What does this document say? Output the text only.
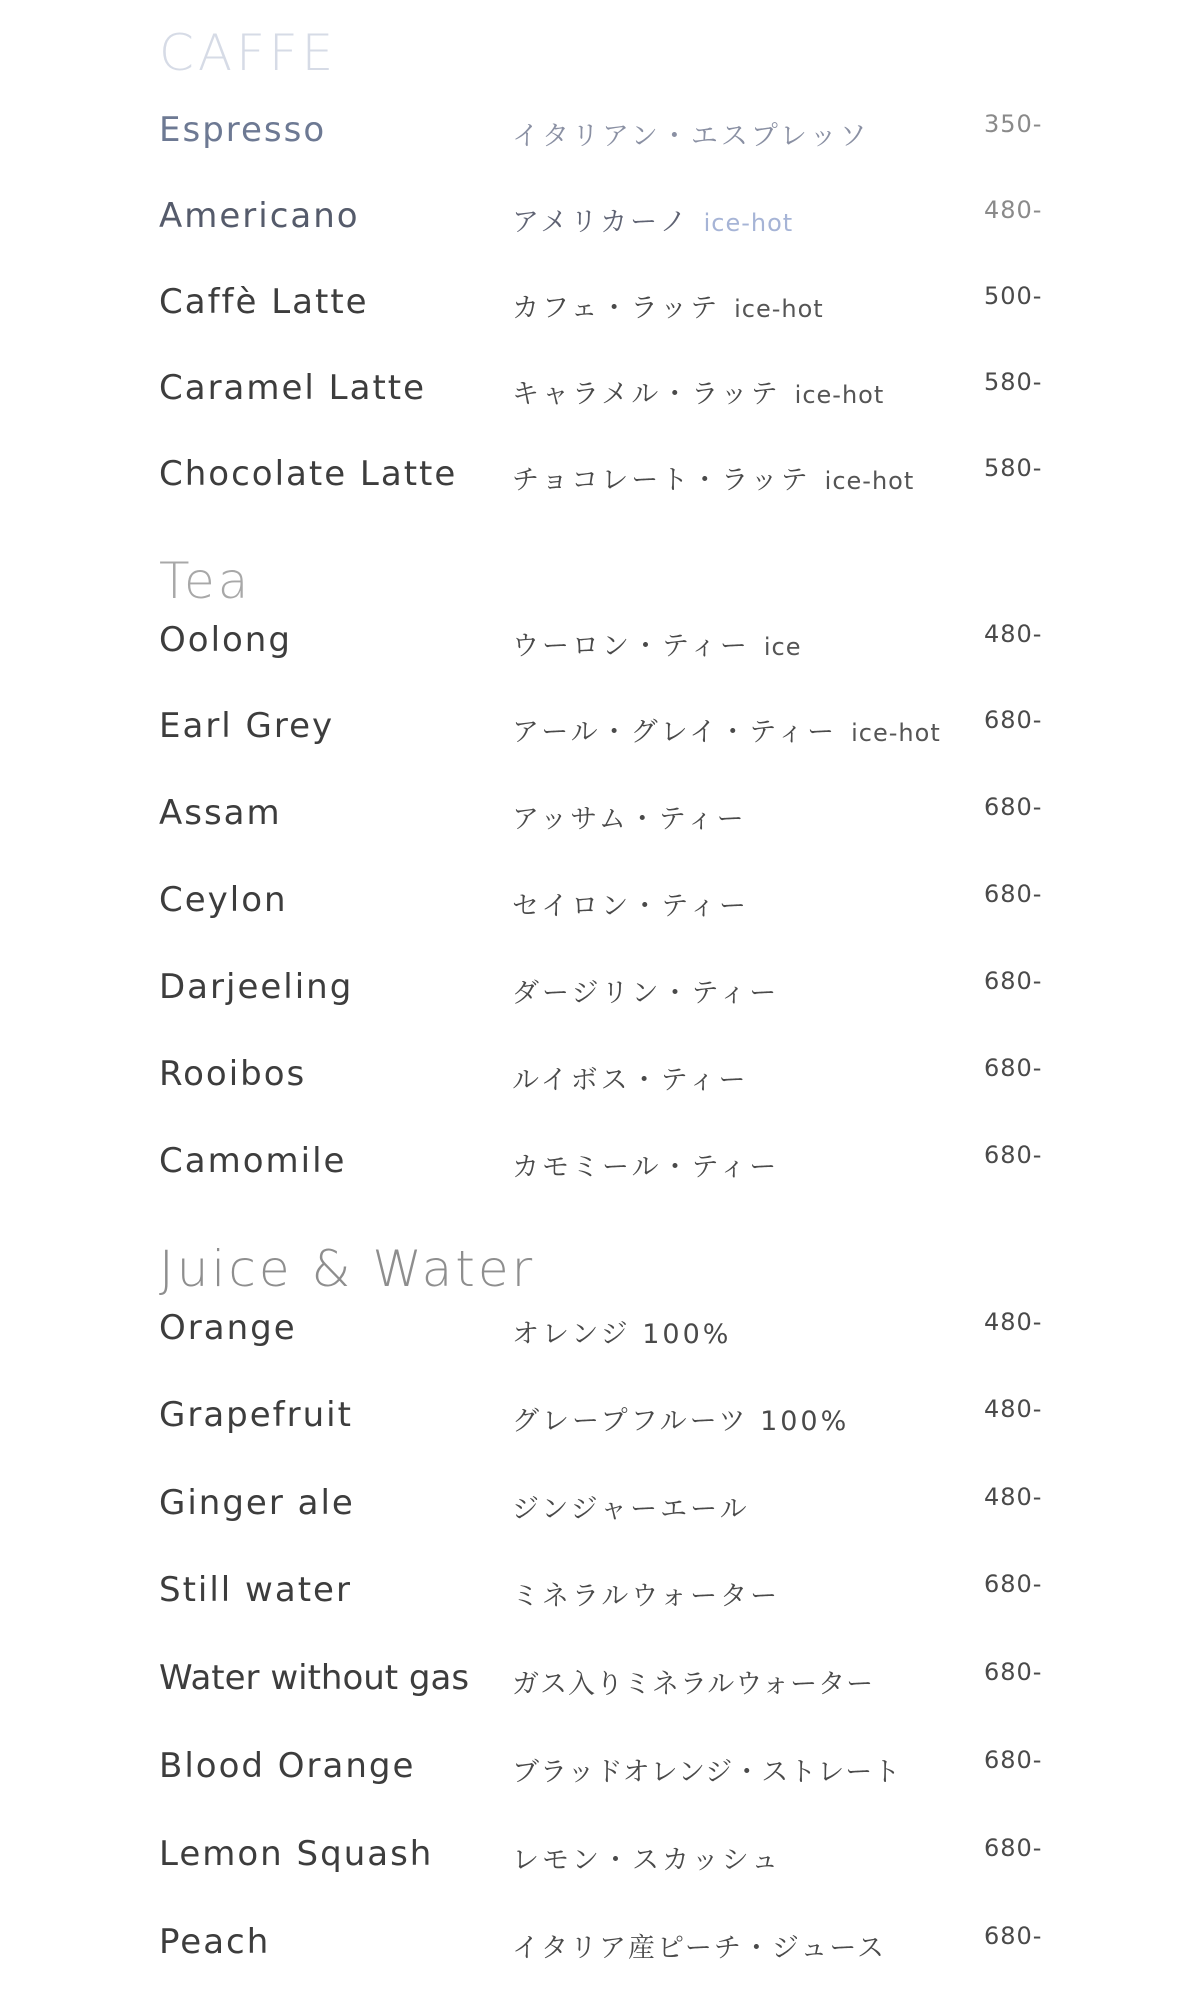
CAFFE
Espresso	イタリアン・エスプレッソ	350-
Americano	アメリカーノ ice-hot	480-
Caffè Latte	カフェ・ラッテ ice-hot	500-
Caramel Latte	キャラメル・ラッテ ice-hot	580-
Chocolate Latte チョコレート・ラッテ ice-hot	580-
Tea
Oolong	ウーロン・ティー ice	480-
Earl Grey	アール・グレイ・ティー ice-hot 680-
Assam	アッサム・ティー	680-
Ceylon	セイロン・ティー	680-
Darjeeling	ダージリン・ティー	680-
Rooibos	ルイボス・ティー	680-
Camomile	カモミール・ティー	680-
Juice & Water
Orange	オレンジ 100%	480-
Grapefruit	グレープフルーツ 100%	480-
Ginger ale	ジンジャーエール	480-
Still water	ミネラルウォーター	680-
Water without gas ガス入りミネラルウォーター	680-
Blood Orange	ブラッドオレンジ・ストレート	680-
Lemon Squash	レモン・スカッシュ	680-
Peach	イタリア産ピーチ・ジュース	680-
